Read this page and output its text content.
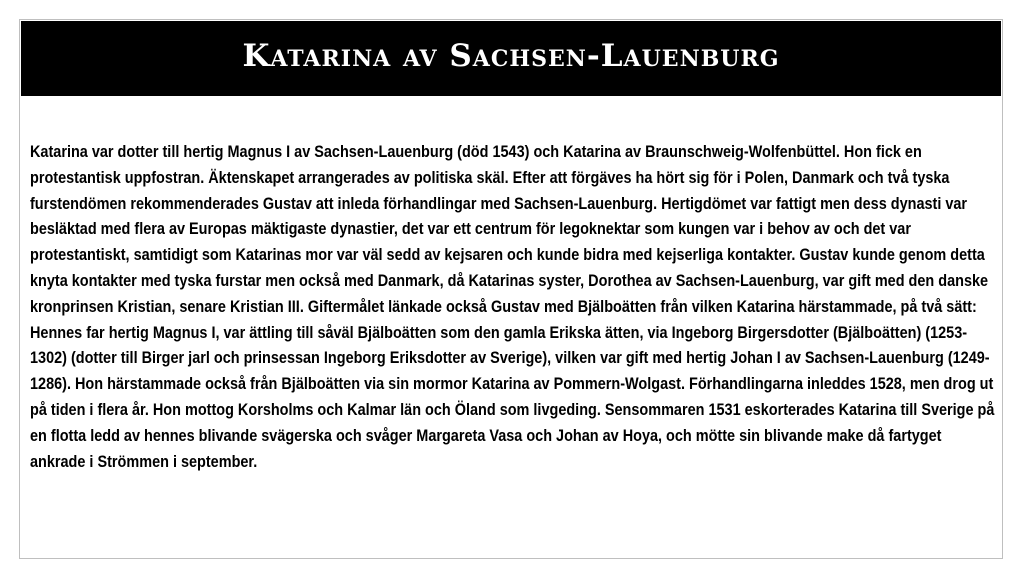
Katarina av Sachsen-Lauenburg

Katarina var dotter till hertig Magnus I av Sachsen-Lauenburg (död 1543) och Katarina av Braunschweig-Wolfenbüttel. Hon fick en protestantisk uppfostran. Äktenskapet arrangerades av politiska skäl. Efter att förgäves ha hört sig för i Polen, Danmark och två tyska furstendömen rekommenderades Gustav att inleda förhandlingar med Sachsen-Lauenburg. Hertigdömet var fattigt men dess dynasti var besläktad med flera av Europas mäktigaste dynastier, det var ett centrum för legoknektar som kungen var i behov av och det var protestantiskt, samtidigt som Katarinas mor var väl sedd av kejsaren och kunde bidra med kejserliga kontakter. Gustav kunde genom detta knyta kontakter med tyska furstar men också med Danmark, då Katarinas syster, Dorothea av Sachsen-Lauenburg, var gift med den danske kronprinsen Kristian, senare Kristian III. Giftermålet länkade också Gustav med Bjälboätten från vilken Katarina härstammade, på två sätt: Hennes far hertig Magnus I, var ättling till såväl Bjälboätten som den gamla Erikska ätten, via Ingeborg Birgersdotter (Bjälboätten) (1253-1302) (dotter till Birger jarl och prinsessan Ingeborg Eriksdotter av Sverige), vilken var gift med hertig Johan I av Sachsen-Lauenburg (1249-1286). Hon härstammade också från Bjälboätten via sin mormor Katarina av Pommern-Wolgast. Förhandlingarna inleddes 1528, men drog ut på tiden i flera år. Hon mottog Korsholms och Kalmar län och Öland som livgeding. Sensommaren 1531 eskorterades Katarina till Sverige på en flotta ledd av hennes blivande svägerska och svåger Margareta Vasa och Johan av Hoya, och mötte sin blivande make då fartyget ankrade i Strömmen i september.
